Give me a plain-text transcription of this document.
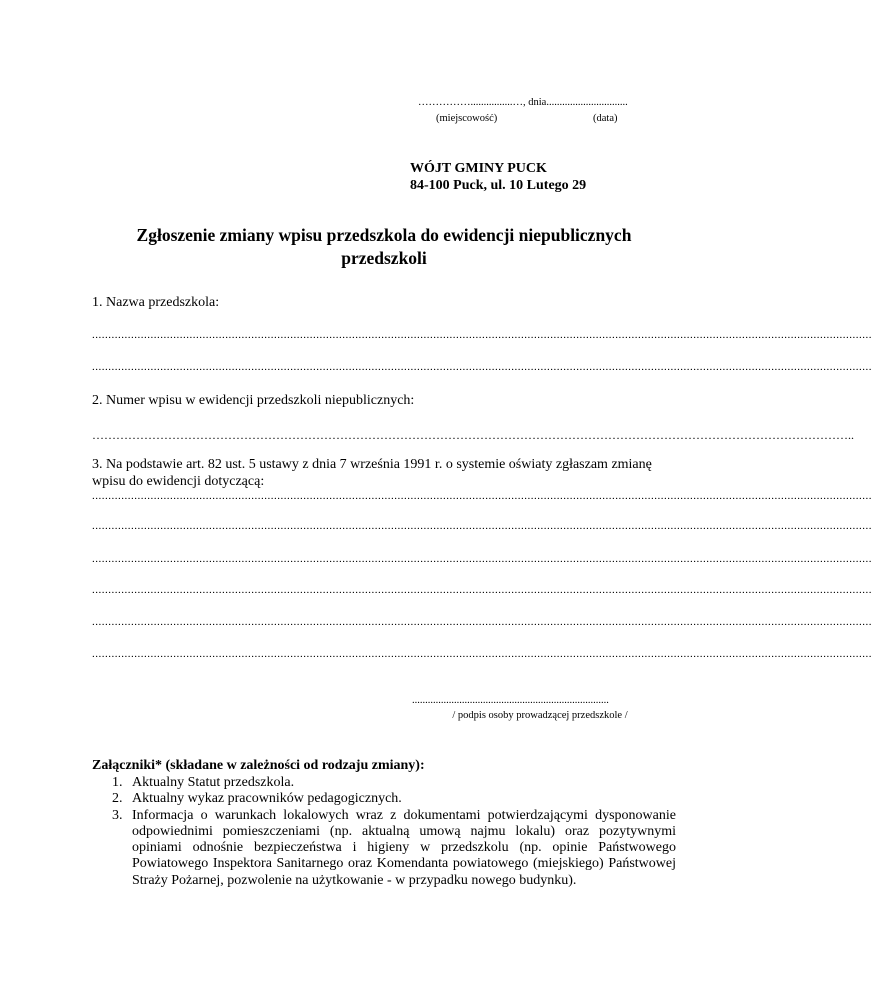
……………................…, dnia...............................
(miejscowość)	(data)
WÓJT GMINY PUCK
84-100 Puck, ul. 10 Lutego 29
Zgłoszenie zmiany wpisu przedszkola do ewidencji niepublicznych przedszkoli
1. Nazwa przedszkola:
................................................................................................................................................................................................................................................
................................................................................................................................................................................................................................................
2. Numer wpisu w ewidencji przedszkoli niepublicznych:
………………………………………………………………………………………………………………………………………………………………………..
3. Na podstawie art. 82 ust. 5 ustawy z dnia 7 września 1991 r. o systemie oświaty zgłaszam zmianę wpisu do ewidencji dotyczącą:
................................................................................................................................................................................................................................................
................................................................................................................................................................................................................................................
................................................................................................................................................................................................................................................
................................................................................................................................................................................................................................................
................................................................................................................................................................................................................................................
................................................................................................................................................................................................................................................
...........................................................................
/ podpis osoby prowadzącej przedszkole /
Załączniki* (składane w zależności od rodzaju zmiany):
1. Aktualny Statut przedszkola.
2. Aktualny wykaz pracowników pedagogicznych.
3. Informacja o warunkach lokalowych wraz z dokumentami potwierdzającymi dysponowanie odpowiednimi pomieszczeniami (np. aktualną umową najmu lokalu) oraz pozytywnymi opiniami odnośnie bezpieczeństwa i higieny w przedszkolu (np. opinie Państwowego Powiatowego Inspektora Sanitarnego oraz Komendanta powiatowego (miejskiego) Państwowej Straży Pożarnej, pozwolenie na użytkowanie - w przypadku nowego budynku).
